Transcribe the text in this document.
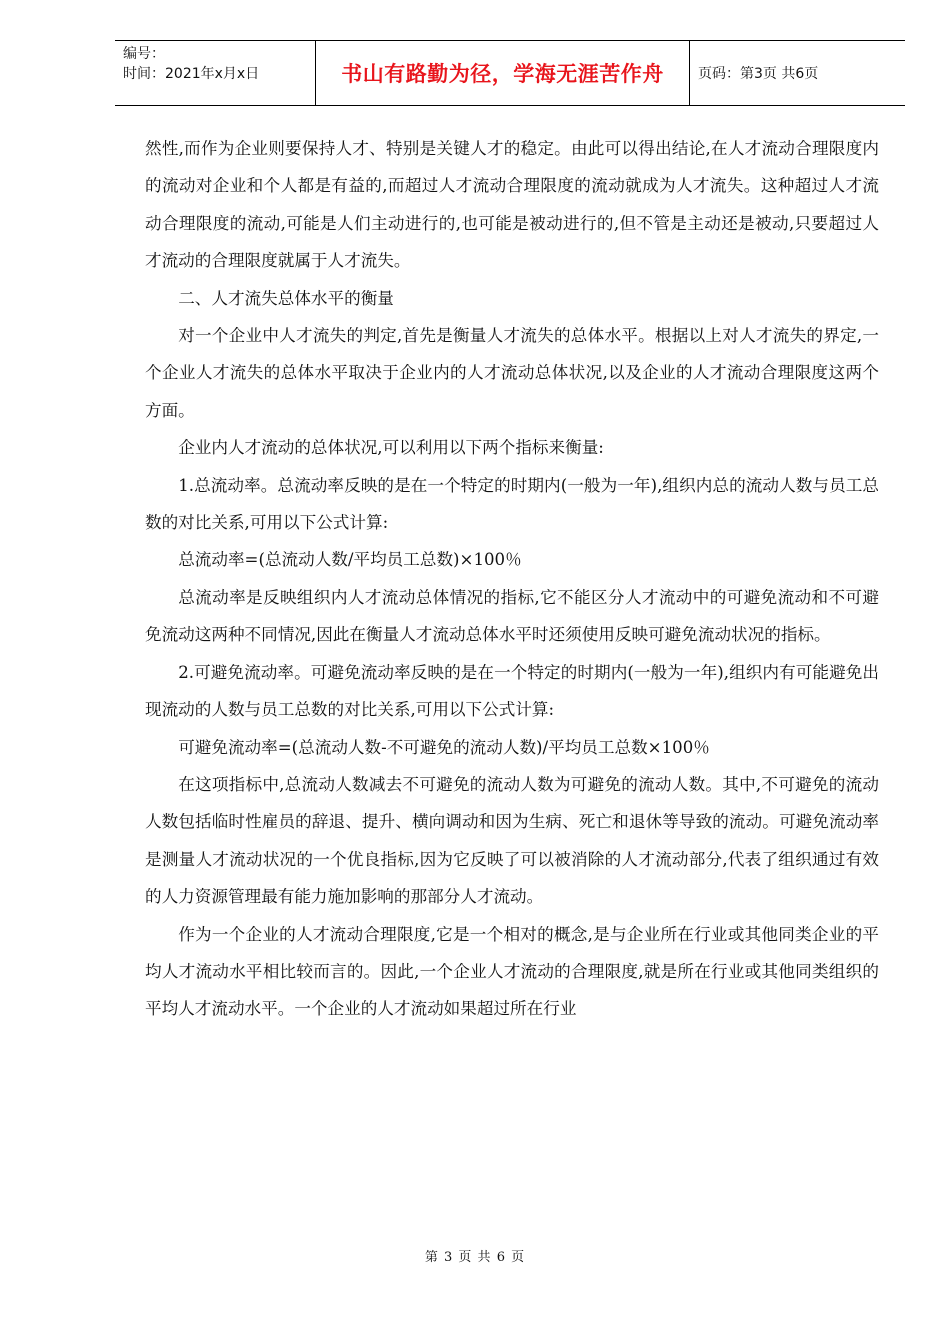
编号：
时间：2021年x月x日	书山有路勤为径，学海无涯苦作舟	页码：第3页 共6页

然性,而作为企业则要保持人才、特别是关键人才的稳定。由此可以得出结论,在人才流动合理限度内的流动对企业和个人都是有益的,而超过人才流动合理限度的流动就成为人才流失。这种超过人才流动合理限度的流动,可能是人们主动进行的,也可能是被动进行的,但不管是主动还是被动,只要超过人才流动的合理限度就属于人才流失。

二、人才流失总体水平的衡量

对一个企业中人才流失的判定,首先是衡量人才流失的总体水平。根据以上对人才流失的界定,一个企业人才流失的总体水平取决于企业内的人才流动总体状况,以及企业的人才流动合理限度这两个方面。

企业内人才流动的总体状况,可以利用以下两个指标来衡量:

1.总流动率。总流动率反映的是在一个特定的时期内(一般为一年),组织内总的流动人数与员工总数的对比关系,可用以下公式计算:

总流动率=(总流动人数/平均员工总数)×100％

总流动率是反映组织内人才流动总体情况的指标,它不能区分人才流动中的可避免流动和不可避免流动这两种不同情况,因此在衡量人才流动总体水平时还须使用反映可避免流动状况的指标。

2.可避免流动率。可避免流动率反映的是在一个特定的时期内(一般为一年),组织内有可能避免出现流动的人数与员工总数的对比关系,可用以下公式计算:

可避免流动率=(总流动人数-不可避免的流动人数)/平均员工总数×100％

在这项指标中,总流动人数减去不可避免的流动人数为可避免的流动人数。其中,不可避免的流动人数包括临时性雇员的辞退、提升、横向调动和因为生病、死亡和退休等导致的流动。可避免流动率是测量人才流动状况的一个优良指标,因为它反映了可以被消除的人才流动部分,代表了组织通过有效的人力资源管理最有能力施加影响的那部分人才流动。

作为一个企业的人才流动合理限度,它是一个相对的概念,是与企业所在行业或其他同类企业的平均人才流动水平相比较而言的。因此,一个企业人才流动的合理限度,就是所在行业或其他同类组织的平均人才流动水平。一个企业的人才流动如果超过所在行业

第 3 页 共 6 页
